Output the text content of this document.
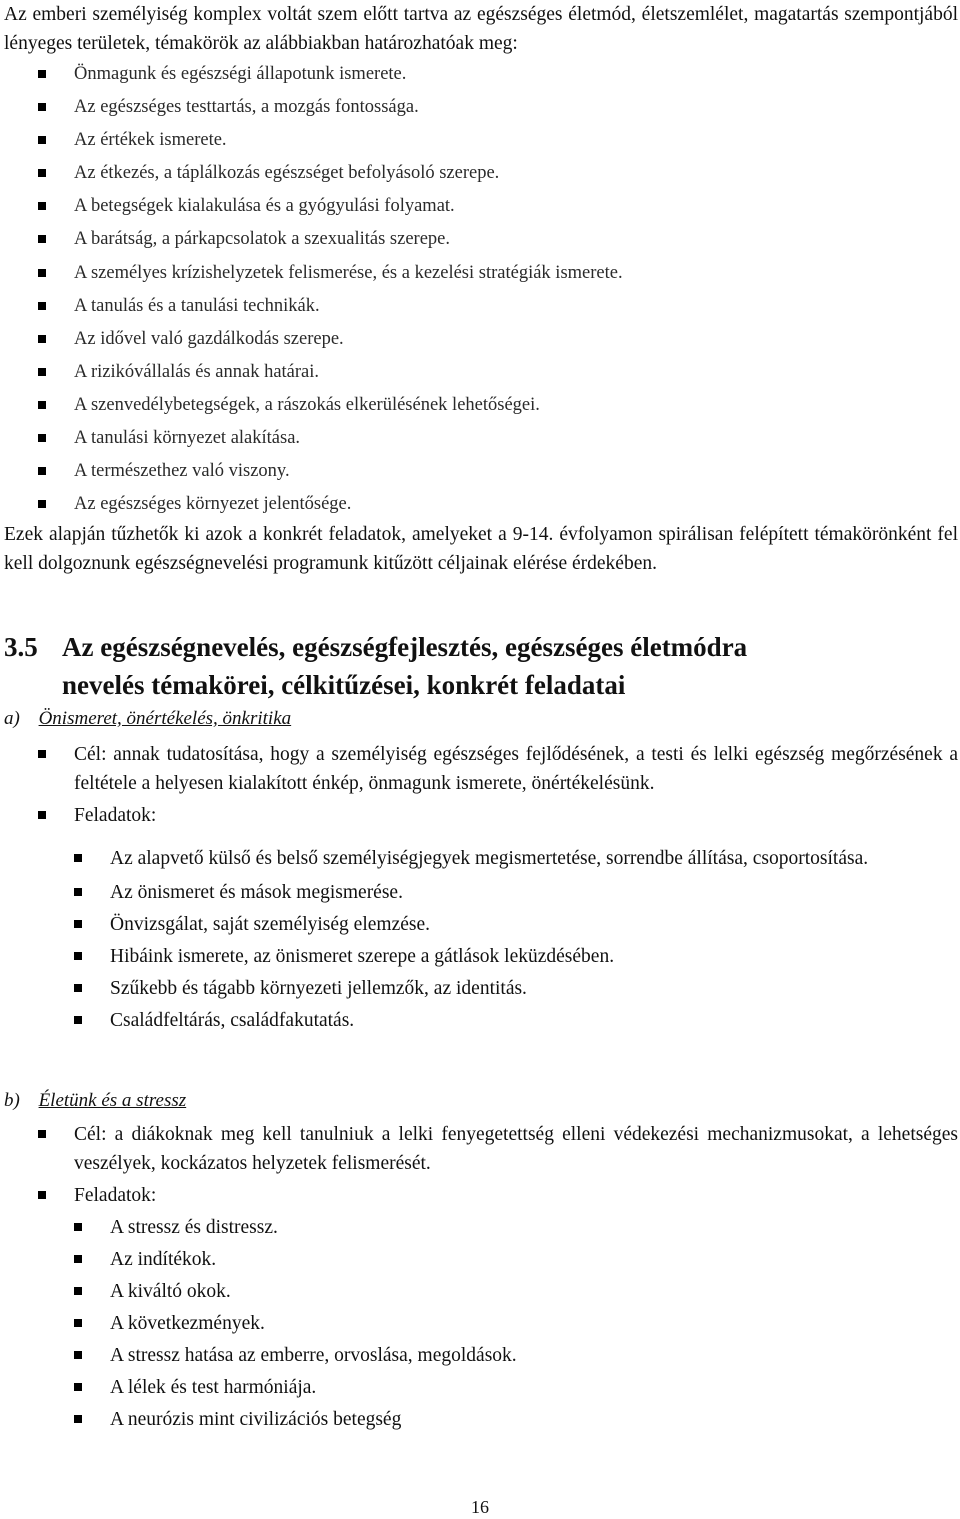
Az emberi személyiség komplex voltát szem előtt tartva az egészséges életmód, életszemlélet, magatartás szempontjából lényeges területek, témakörök az alábbiakban határozhatóak meg:

Önmagunk és egészségi állapotunk ismerete.
Az egészséges testtartás, a mozgás fontossága.
Az értékek ismerete.
Az étkezés, a táplálkozás egészséget befolyásoló szerepe.
A betegségek kialakulása és a gyógyulási folyamat.
A barátság, a párkapcsolatok a szexualitás szerepe.
A személyes krízishelyzetek felismerése, és a kezelési stratégiák ismerete.
A tanulás és a tanulási technikák.
Az idővel való gazdálkodás szerepe.
A rizikóvállalás és annak határai.
A szenvedélybetegségek, a rászokás elkerülésének lehetőségei.
A tanulási környezet alakítása.
A természethez való viszony.
Az egészséges környezet jelentősége.

Ezek alapján tűzhetők ki azok a konkrét feladatok, amelyeket a 9-14. évfolyamon spirálisan felépített témakörönként fel kell dolgoznunk egészségnevelési programunk kitűzött céljainak elérése érdekében.

3.5 Az egészségnevelés, egészségfejlesztés, egészséges életmódra
nevelés témakörei, célkitűzései, konkrét feladatai

a) Önismeret, önértékelés, önkritika

Cél: annak tudatosítása, hogy a személyiség egészséges fejlődésének, a testi és lelki egészség megőrzésének a feltétele a helyesen kialakított énkép, önmagunk ismerete, önértékelésünk.
Feladatok:
Az alapvető külső és belső személyiségjegyek megismertetése, sorrendbe állítása, csoportosítása.
Az önismeret és mások megismerése.
Önvizsgálat, saját személyiség elemzése.
Hibáink ismerete, az önismeret szerepe a gátlások leküzdésében.
Szűkebb és tágabb környezeti jellemzők, az identitás.
Családfeltárás, családfakutatás.

b) Életünk és a stressz

Cél: a diákoknak meg kell tanulniuk a lelki fenyegetettség elleni védekezési mechanizmusokat, a lehetséges veszélyek, kockázatos helyzetek felismerését.
Feladatok:
A stressz és distressz.
Az indítékok.
A kiváltó okok.
A következmények.
A stressz hatása az emberre, orvoslása, megoldások.
A lélek és test harmóniája.
A neurózis mint civilizációs betegség
16
